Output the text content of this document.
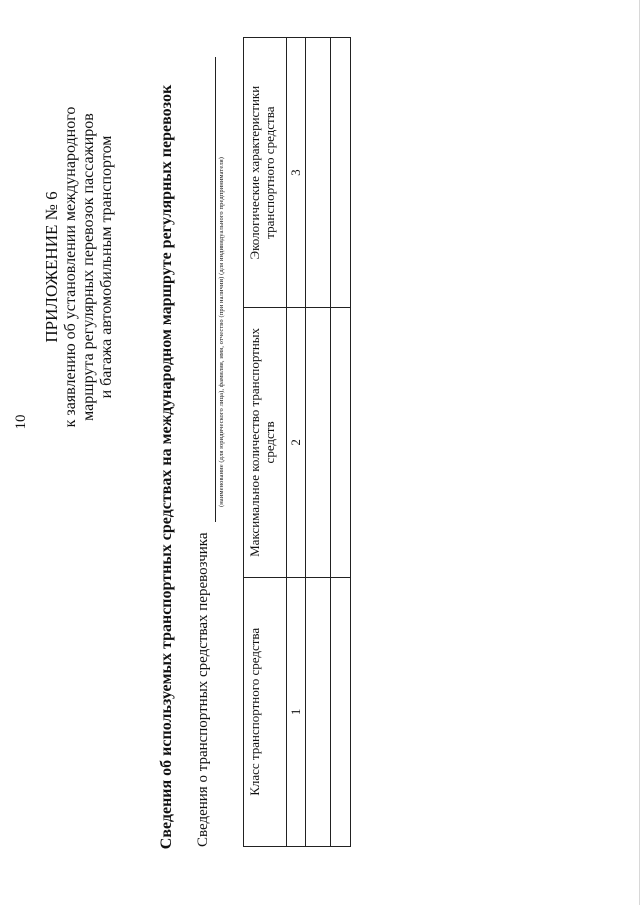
10
ПРИЛОЖЕНИЕ № 6 к заявлению об установлении международного маршрута регулярных перевозок пассажиров и багажа автомобильным транспортом	Сведения об используемых транспортных средствах на международном маршруте регулярных перевозок Сведения о транспортных средствах перевозчика
(наименование (для юридического лица), фамилия, имя, отчество (при наличии) (для индивидуального предпринимателя)
Класс транспортного средства	Максимальное количество транспортных средств	Экологические характеристики транспортного средства
1	2	3
